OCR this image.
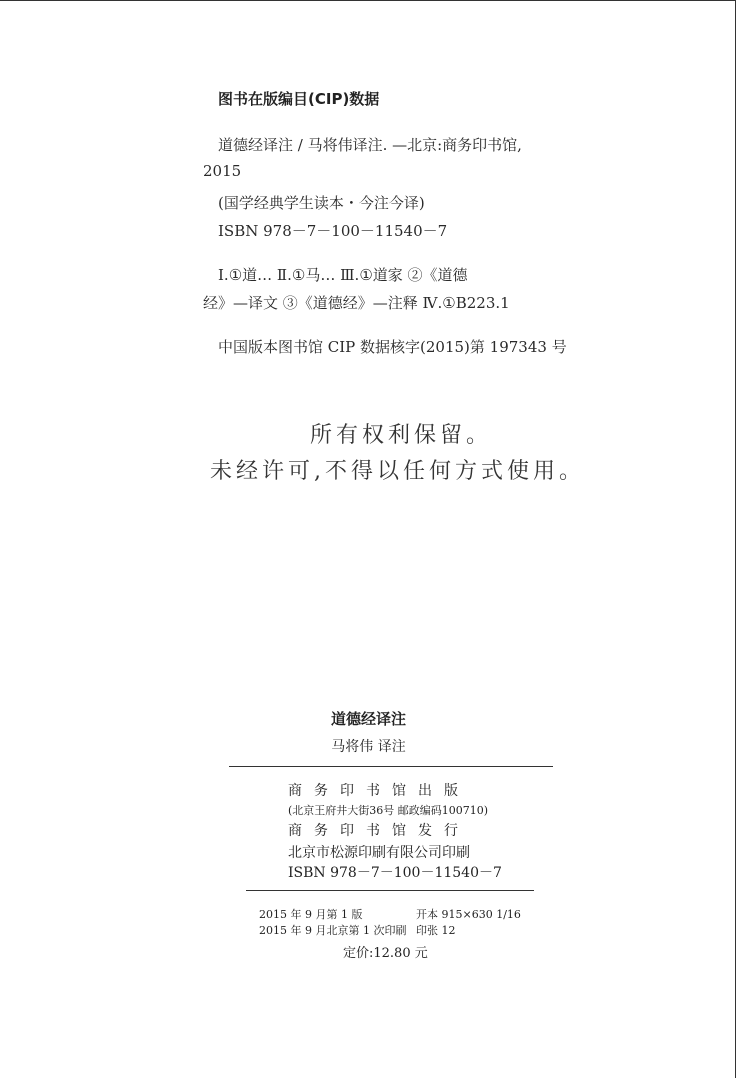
图书在版编目(CIP)数据
道德经译注 / 马将伟译注. —北京:商务印书馆,
2015
(国学经典学生读本・今注今译)
ISBN 978－7－100－11540－7
Ⅰ.①道… Ⅱ.①马… Ⅲ.①道家 ②《道德
经》—译文 ③《道德经》—注释 Ⅳ.①B223.1
中国版本图书馆 CIP 数据核字(2015)第 197343 号
所有权利保留。
未经许可,不得以任何方式使用。
道德经译注
马将伟 译注
商务印书馆出版
(北京王府井大街36号 邮政编码100710)
商务印书馆发行
北京市松源印刷有限公司印刷
ISBN 978－7－100－11540－7
2015 年 9 月第 1 版	开本 915×630 1/16
2015 年 9 月北京第 1 次印刷 印张 12
定价:12.80 元
